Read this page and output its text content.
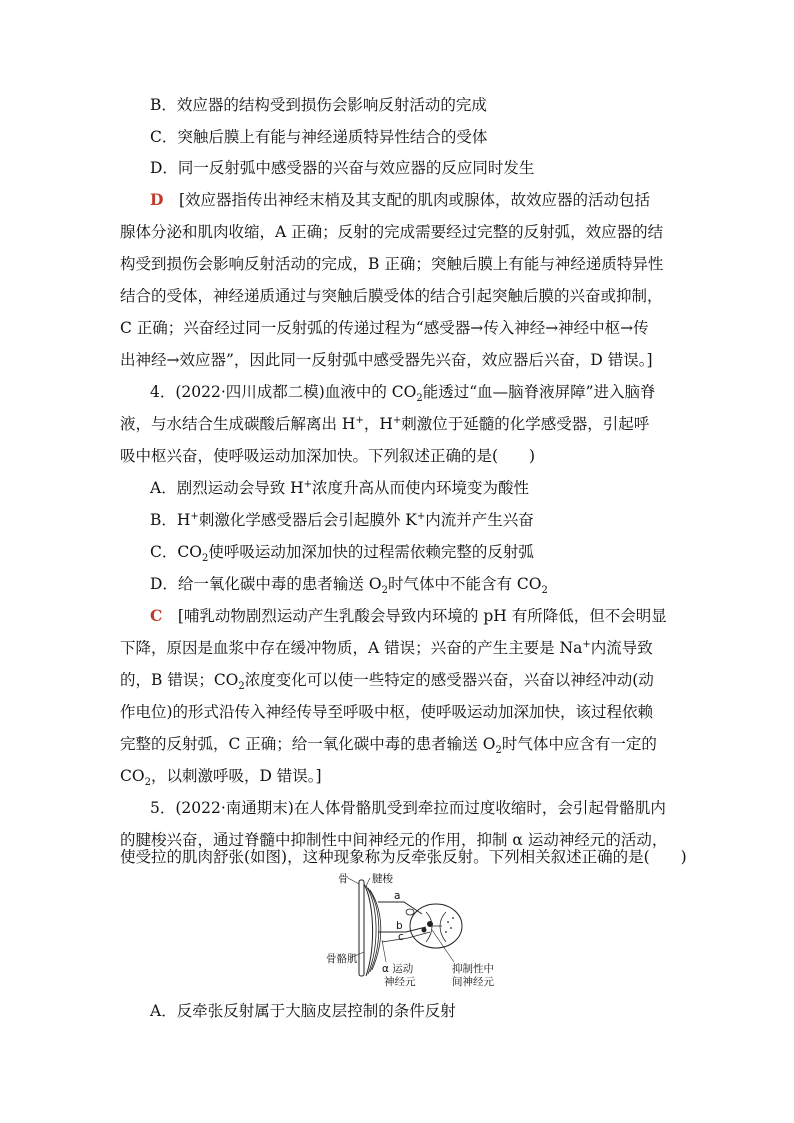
B．效应器的结构受到损伤会影响反射活动的完成
C．突触后膜上有能与神经递质特异性结合的受体
D．同一反射弧中感受器的兴奋与效应器的反应同时发生
D　 [效应器指传出神经末梢及其支配的肌肉或腺体，故效应器的活动包括
腺体分泌和肌肉收缩，A 正确；反射的完成需要经过完整的反射弧，效应器的结
构受到损伤会影响反射活动的完成，B 正确；突触后膜上有能与神经递质特异性
结合的受体，神经递质通过与突触后膜受体的结合引起突触后膜的兴奋或抑制，
C 正确；兴奋经过同一反射弧的传递过程为“感受器→传入神经→神经中枢→传
出神经→效应器”，因此同一反射弧中感受器先兴奋，效应器后兴奋，D 错误。]
4．(2022·四川成都二模)血液中的 $CO_2$能透过“血—脑脊液屏障”进入脑脊
液，与水结合生成碳酸后解离出 H+，H+刺激位于延髓的化学感受器，引起呼
吸中枢兴奋，使呼吸运动加深加快。下列叙述正确的是(　　)
A．剧烈运动会导致 H+浓度升高从而使内环境变为酸性
B．H+刺激化学感受器后会引起膜外 K+内流并产生兴奋
C．$CO_2$使呼吸运动加深加快的过程需依赖完整的反射弧
D．给一氧化碳中毒的患者输送 $O_2$时气体中不能含有 $CO_2$
C　 [哺乳动物剧烈运动产生乳酸会导致内环境的 pH 有所降低，但不会明显
下降，原因是血浆中存在缓冲物质，A 错误；兴奋的产生主要是 Na+内流导致
的，B 错误；$CO_2$浓度变化可以使一些特定的感受器兴奋，兴奋以神经冲动(动
作电位)的形式沿传入神经传导至呼吸中枢，使呼吸运动加深加快，该过程依赖
完整的反射弧，C 正确；给一氧化碳中毒的患者输送 $O_2$时气体中应含有一定的
$CO_2$，以刺激呼吸，D 错误。]
5．(2022·南通期末)在人体骨骼肌受到牵拉而过度收缩时，会引起骨骼肌内
的腱梭兴奋，通过脊髓中抑制性中间神经元的作用，抑制 α 运动神经元的活动，
使受拉的肌肉舒张(如图)，这种现象称为反牵张反射。下列相关叙述正确的是(　　)
骨 腱梭
骨骼肌
α 运动
神经元
抑制性中
间神经元
a
b
c
A．反牵张反射属于大脑皮层控制的条件反射
